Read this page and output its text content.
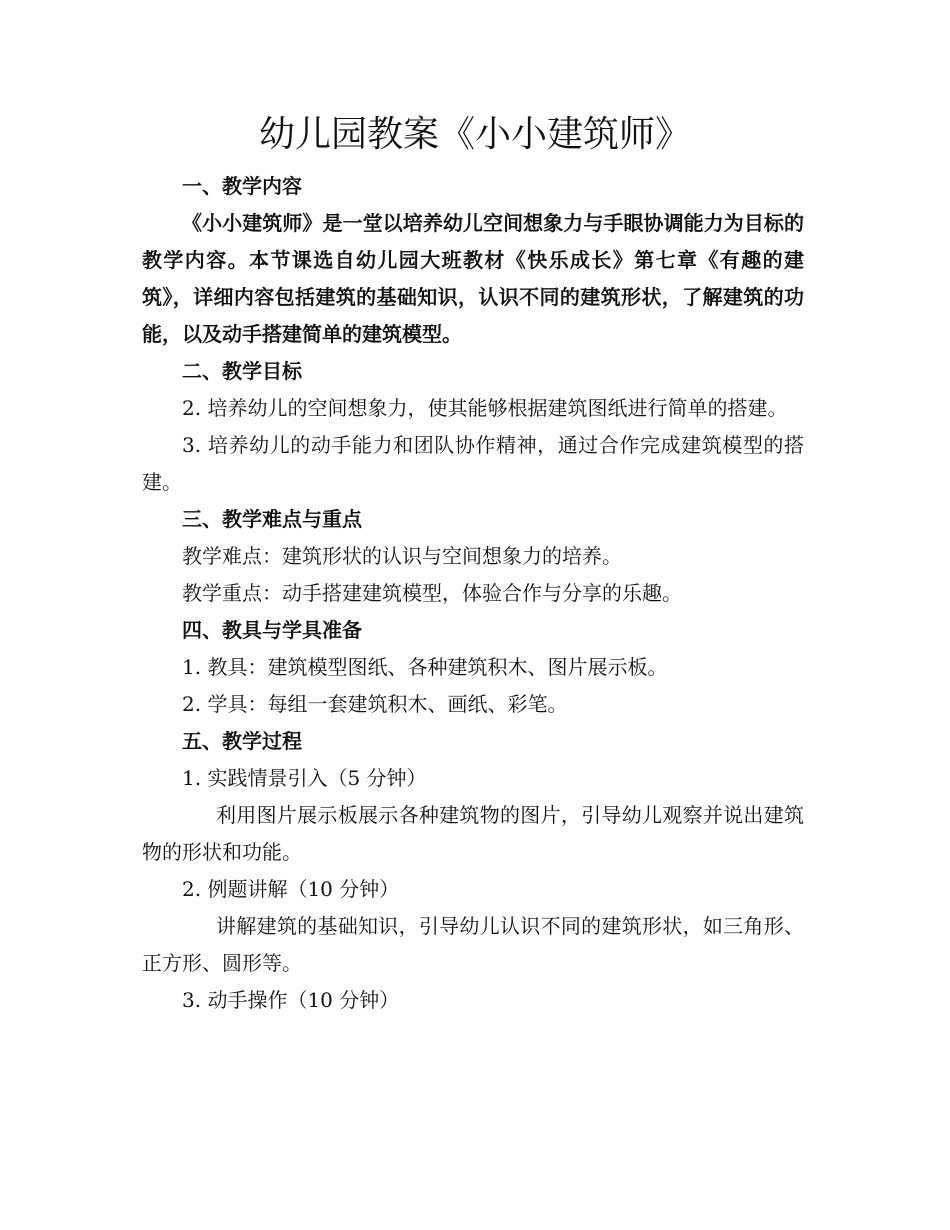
幼儿园教案《小小建筑师》

一、教学内容

《小小建筑师》是一堂以培养幼儿空间想象力与手眼协调能力为目标的教学内容。本节课选自幼儿园大班教材《快乐成长》第七章《有趣的建筑》，详细内容包括建筑的基础知识，认识不同的建筑形状，了解建筑的功能，以及动手搭建简单的建筑模型。

二、教学目标

2. 培养幼儿的空间想象力，使其能够根据建筑图纸进行简单的搭建。

3. 培养幼儿的动手能力和团队协作精神，通过合作完成建筑模型的搭建。

三、教学难点与重点

教学难点：建筑形状的认识与空间想象力的培养。

教学重点：动手搭建建筑模型，体验合作与分享的乐趣。

四、教具与学具准备

1. 教具：建筑模型图纸、各种建筑积木、图片展示板。

2. 学具：每组一套建筑积木、画纸、彩笔。

五、教学过程

1. 实践情景引入（5 分钟）

利用图片展示板展示各种建筑物的图片，引导幼儿观察并说出建筑物的形状和功能。

2. 例题讲解（10 分钟）

讲解建筑的基础知识，引导幼儿认识不同的建筑形状，如三角形、正方形、圆形等。

3. 动手操作（10 分钟）
